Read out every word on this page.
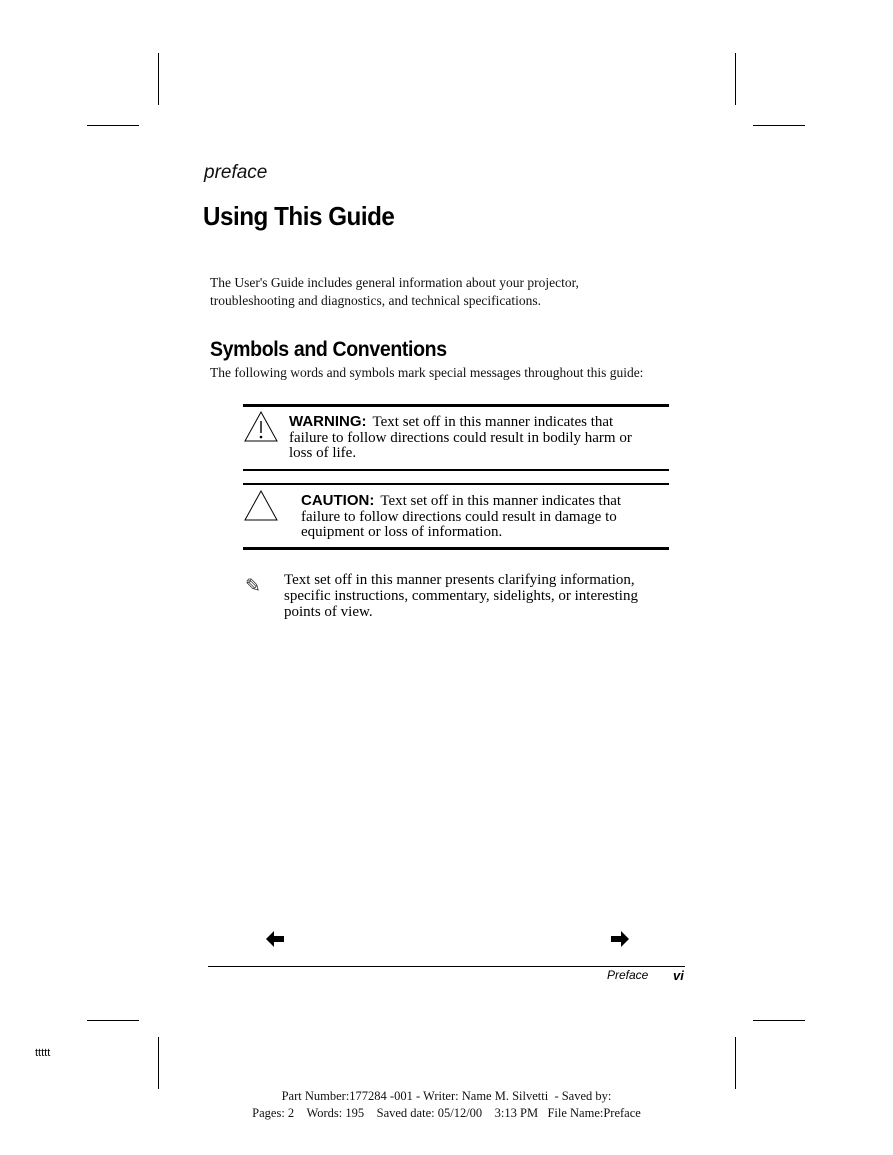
preface
Using This Guide
The User's Guide includes general information about your projector,
troubleshooting and diagnostics, and technical specifications.
Symbols and Conventions
The following words and symbols mark special messages throughout this guide:
WARNING: Text set off in this manner indicates that
failure to follow directions could result in bodily harm or
loss of life.
CAUTION: Text set off in this manner indicates that
failure to follow directions could result in damage to
equipment or loss of information.
✎ Text set off in this manner presents clarifying information,
specific instructions, commentary, sidelights, or interesting
points of view.
Preface vi
ttttt
Part Number:177284 -001 - Writer: Name M. Silvetti  - Saved by:
Pages: 2    Words: 195    Saved date: 05/12/00    3:13 PM   File Name:Preface
